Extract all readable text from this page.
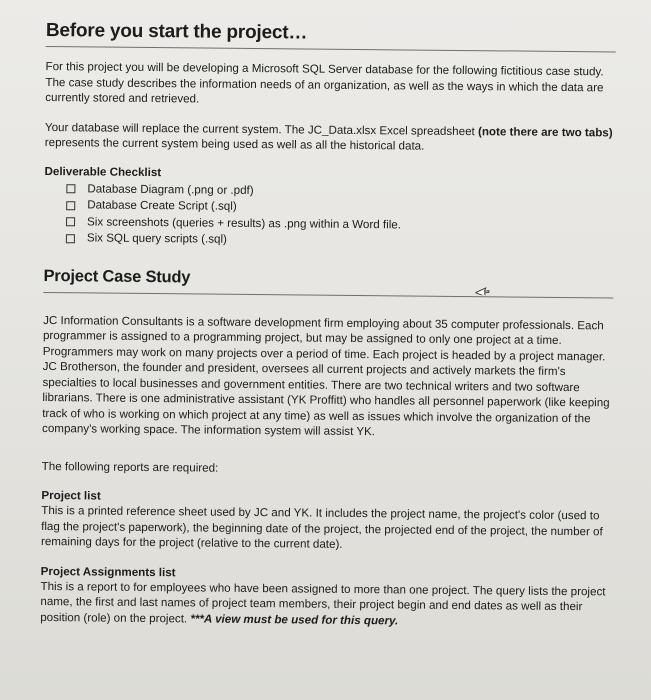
Before you start the project…

For this project you will be developing a Microsoft SQL Server database for the following fictitious case study. The case study describes the information needs of an organization, as well as the ways in which the data are currently stored and retrieved.

Your database will replace the current system. The JC_Data.xlsx Excel spreadsheet (note there are two tabs) represents the current system being used as well as all the historical data.

Deliverable Checklist
Database Diagram (.png or .pdf)
Database Create Script (.sql)
Six screenshots (queries + results) as .png within a Word file.
Six SQL query scripts (.sql)
Project Case Study

JC Information Consultants is a software development firm employing about 35 computer professionals. Each programmer is assigned to a programming project, but may be assigned to only one project at a time. Programmers may work on many projects over a period of time. Each project is headed by a project manager. JC Brotherson, the founder and president, oversees all current projects and actively markets the firm's specialties to local businesses and government entities. There are two technical writers and two software librarians. There is one administrative assistant (YK Proffitt) who handles all personnel paperwork (like keeping track of who is working on which project at any time) as well as issues which involve the organization of the company's working space. The information system will assist YK.

The following reports are required:

Project list

This is a printed reference sheet used by JC and YK. It includes the project name, the project's color (used to flag the project's paperwork), the beginning date of the project, the projected end of the project, the number of remaining days for the project (relative to the current date).

Project Assignments list

This is a report to for employees who have been assigned to more than one project. The query lists the project name, the first and last names of project team members, their project begin and end dates as well as their position (role) on the project. ***A view must be used for this query.
